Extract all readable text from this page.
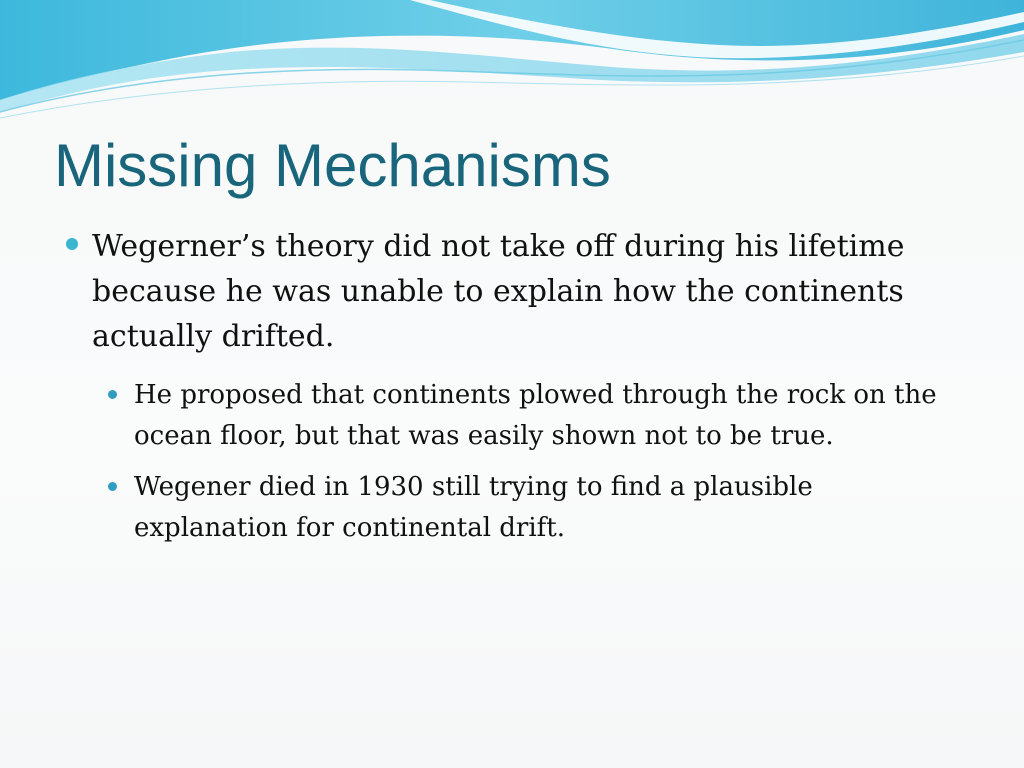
Missing Mechanisms
Wegerner’s theory did not take off during his lifetime because he was unable to explain how the continents actually drifted.
He proposed that continents plowed through the rock on the ocean floor, but that was easily shown not to be true.
Wegener died in 1930 still trying to find a plausible explanation for continental drift.
